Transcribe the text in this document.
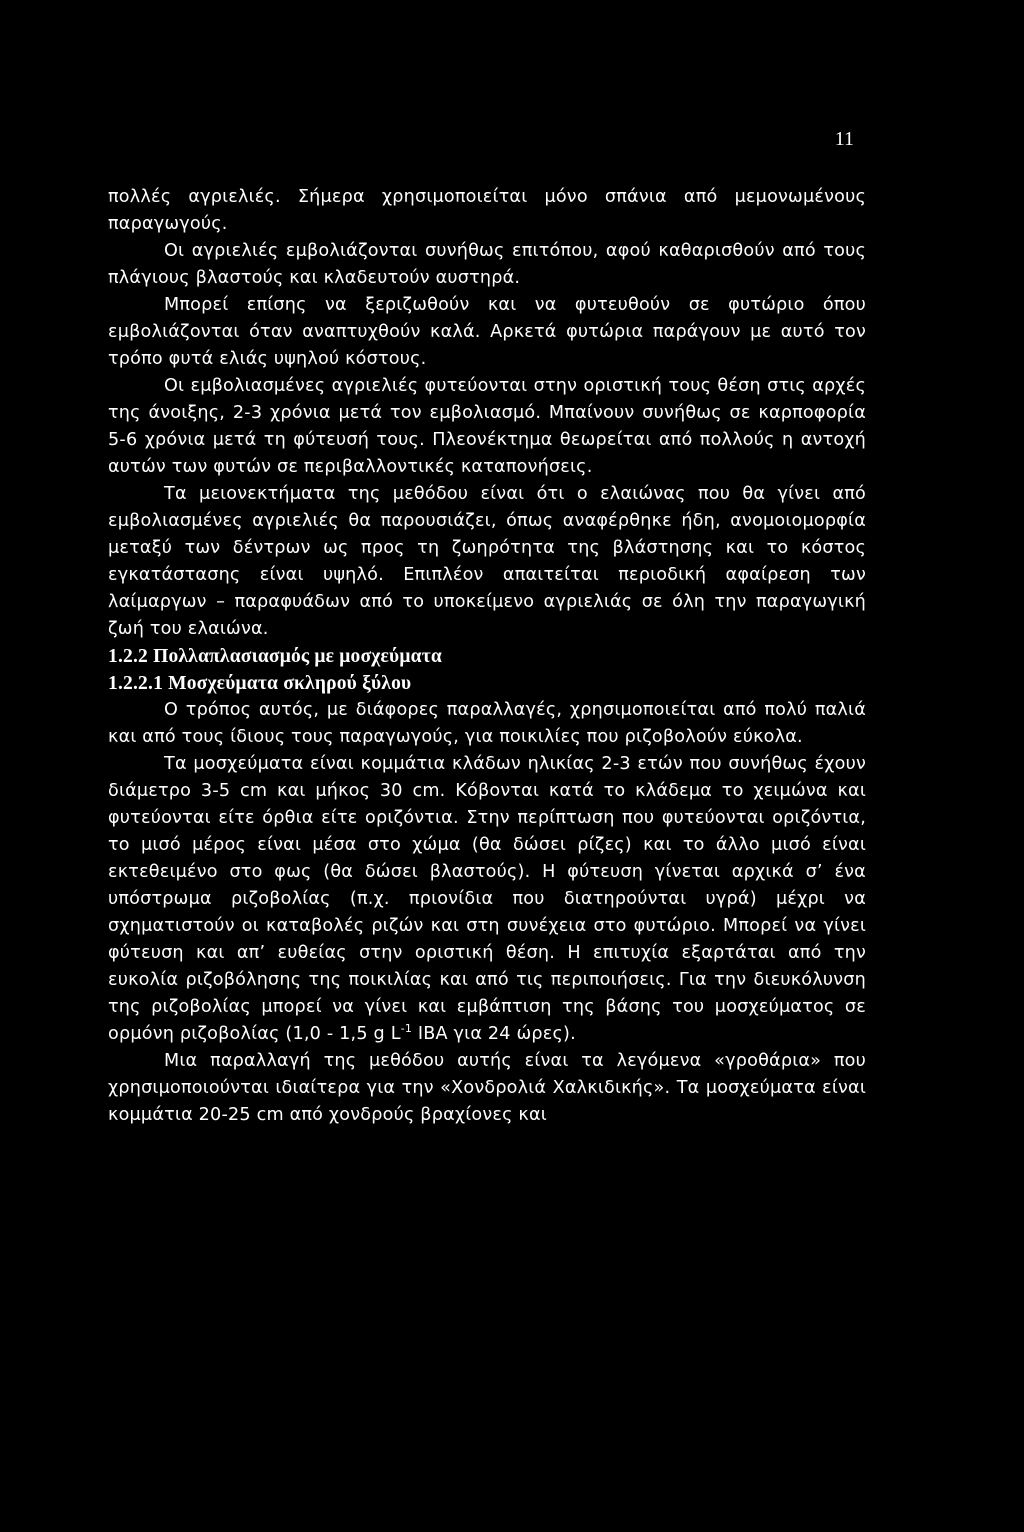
11

πολλές αγριελιές. Σήμερα χρησιμοποιείται μόνο σπάνια από μεμονωμένους παραγωγούς.

Οι αγριελιές εμβολιάζονται συνήθως επιτόπου, αφού καθαρισθούν από τους πλάγιους βλαστούς και κλαδευτούν αυστηρά.

Μπορεί επίσης να ξεριζωθούν και να φυτευθούν σε φυτώριο όπου εμβολιάζονται όταν αναπτυχθούν καλά. Αρκετά φυτώρια παράγουν με αυτό τον τρόπο φυτά ελιάς υψηλού κόστους.

Οι εμβολιασμένες αγριελιές φυτεύονται στην οριστική τους θέση στις αρχές της άνοιξης, 2-3 χρόνια μετά τον εμβολιασμό. Μπαίνουν συνήθως σε καρποφορία 5-6 χρόνια μετά τη φύτευσή τους. Πλεονέκτημα θεωρείται από πολλούς η αντοχή αυτών των φυτών σε περιβαλλοντικές καταπονήσεις.

Τα μειονεκτήματα της μεθόδου είναι ότι ο ελαιώνας που θα γίνει από εμβολιασμένες αγριελιές θα παρουσιάζει, όπως αναφέρθηκε ήδη, ανομοιομορφία μεταξύ των δέντρων ως προς τη ζωηρότητα της βλάστησης και το κόστος εγκατάστασης είναι υψηλό. Επιπλέον απαιτείται περιοδική αφαίρεση των λαίμαργων – παραφυάδων από το υποκείμενο αγριελιάς σε όλη την παραγωγική ζωή του ελαιώνα.

1.2.2 Πολλαπλασιασμός με μοσχεύματα

1.2.2.1 Μοσχεύματα σκληρού ξύλου

Ο τρόπος αυτός, με διάφορες παραλλαγές, χρησιμοποιείται από πολύ παλιά και από τους ίδιους τους παραγωγούς, για ποικιλίες που ριζοβολούν εύκολα.

Τα μοσχεύματα είναι κομμάτια κλάδων ηλικίας 2-3 ετών που συνήθως έχουν διάμετρο 3-5 cm και μήκος 30 cm. Κόβονται κατά το κλάδεμα το χειμώνα και φυτεύονται είτε όρθια είτε οριζόντια. Στην περίπτωση που φυτεύονται οριζόντια, το μισό μέρος είναι μέσα στο χώμα (θα δώσει ρίζες) και το άλλο μισό είναι εκτεθειμένο στο φως (θα δώσει βλαστούς). Η φύτευση γίνεται αρχικά σ’ ένα υπόστρωμα ριζοβολίας (π.χ. πριονίδια που διατηρούνται υγρά) μέχρι να σχηματιστούν οι καταβολές ριζών και στη συνέχεια στο φυτώριο. Μπορεί να γίνει φύτευση και απ’ ευθείας στην οριστική θέση. Η επιτυχία εξαρτάται από την ευκολία ριζοβόλησης της ποικιλίας και από τις περιποιήσεις. Για την διευκόλυνση της ριζοβολίας μπορεί να γίνει και εμβάπτιση της βάσης του μοσχεύματος σε ορμόνη ριζοβολίας (1,0 - 1,5 g $L^{-1}$ IBA για 24 ώρες).

Μια παραλλαγή της μεθόδου αυτής είναι τα λεγόμενα «γροθάρια» που χρησιμοποιούνται ιδιαίτερα για την «Χονδρολιά Χαλκιδικής». Τα μοσχεύματα είναι κομμάτια 20-25 cm από χονδρούς βραχίονες και
